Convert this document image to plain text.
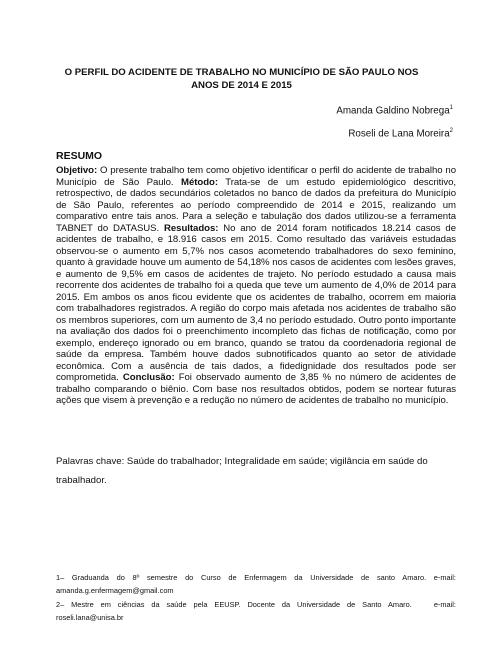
O PERFIL DO ACIDENTE DE TRABALHO NO MUNICÍPIO DE SÃO PAULO NOS
ANOS DE 2014 E 2015
Amanda Galdino Nobrega$^1$
Roseli de Lana Moreira$^2$
RESUMO

Objetivo: O presente trabalho tem como objetivo identificar o perfil do acidente de trabalho no Município de São Paulo. Método: Trata-se de um estudo epidemiológico descritivo, retrospectivo, de dados secundários coletados no banco de dados da prefeitura do Município de São Paulo, referentes ao período compreendido de 2014 e 2015, realizando um comparativo entre tais anos. Para a seleção e tabulação dos dados utilizou-se a ferramenta TABNET do DATASUS. Resultados: No ano de 2014 foram notificados 18.214 casos de acidentes de trabalho, e 18.916 casos em 2015. Como resultado das variáveis estudadas observou-se o aumento em 5,7% nos casos acometendo trabalhadores do sexo feminino, quanto à gravidade houve um aumento de 54,18% nos casos de acidentes com lesões graves, e aumento de 9,5% em casos de acidentes de trajeto. No período estudado a causa mais recorrente dos acidentes de trabalho foi a queda que teve um aumento de 4,0% de 2014 para 2015. Em ambos os anos ficou evidente que os acidentes de trabalho, ocorrem em maioria com trabalhadores registrados. A região do corpo mais afetada nos acidentes de trabalho são os membros superiores, com um aumento de 3,4 no período estudado. Outro ponto importante na avaliação dos dados foi o preenchimento incompleto das fichas de notificação, como por exemplo, endereço ignorado ou em branco, quando se tratou da coordenadoria regional de saúde da empresa. Também houve dados subnotificados quanto ao setor de atividade econômica. Com a ausência de tais dados, a fidedignidade dos resultados pode ser comprometida. Conclusão: Foi observado aumento de 3,85 % no número de acidentes de trabalho comparando o biênio. Com base nos resultados obtidos, podem se nortear futuras ações que visem à prevenção e a redução no número de acidentes de trabalho no município.

Palavras chave: Saúde do trabalhador; Integralidade em saúde; vigilância em saúde do trabalhador.

1– Graduanda do 8º semestre do Curso de Enfermagem da Universidade de santo Amaro. e-mail: amanda.g.enfermagem@gmail.com

2– Mestre em ciências da saúde pela EEUSP. Docente da Universidade de Santo Amaro.	e-mail: roseli.lana@unisa.br
